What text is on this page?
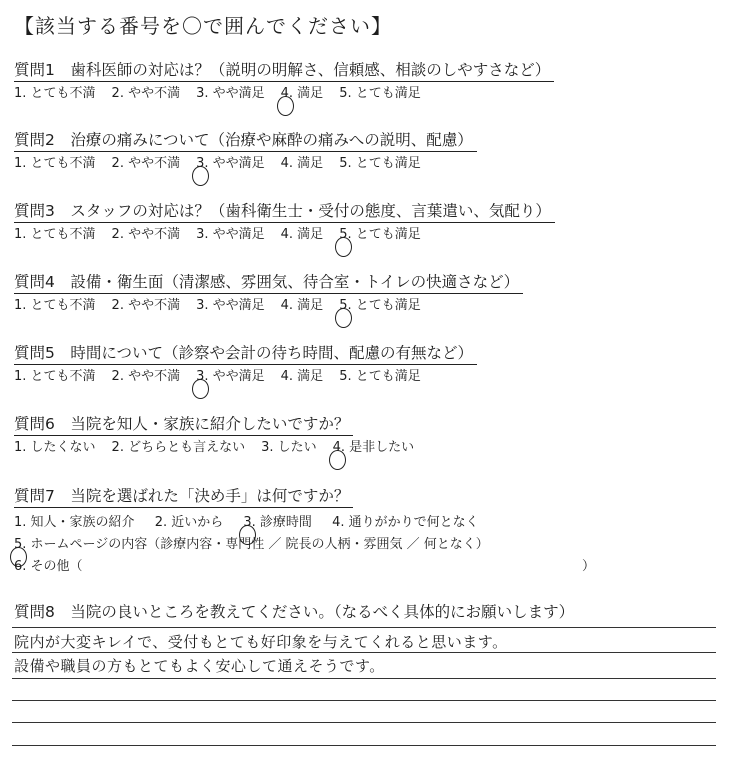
【該当する番号を〇で囲んでください】
質問1　歯科医師の対応は？（説明の明解さ、信頼感、相談のしやすさなど）
1. とても不満 2. やや不満 3. やや満足 4. 満足 5. とても満足
質問2　治療の痛みについて（治療や麻酔の痛みへの説明、配慮）
1. とても不満 2. やや不満 3. やや満足 4. 満足 5. とても満足
質問3　スタッフの対応は？（歯科衛生士・受付の態度、言葉遣い、気配り）
1. とても不満 2. やや不満 3. やや満足 4. 満足 5. とても満足
質問4　設備・衛生面（清潔感、雰囲気、待合室・トイレの快適さなど）
1. とても不満 2. やや不満 3. やや満足 4. 満足 5. とても満足
質問5　時間について（診察や会計の待ち時間、配慮の有無など）
1. とても不満 2. やや不満 3. やや満足 4. 満足 5. とても満足
質問6　当院を知人・家族に紹介したいですか？
1. したくない 2. どちらとも言えない 3. したい 4. 是非したい
質問7　当院を選ばれた「決め手」は何ですか？
1. 知人・家族の紹介 2. 近いから 3. 診療時間 4. 通りがかりで何となく
5. ホームページの内容（診療内容・専門性 ／ 院長の人柄・雰囲気 ／ 何となく）
6. その他（	）
質問8　当院の良いところを教えてください。（なるべく具体的にお願いします）
院内が大変キレイで、受付もとても好印象を与えてくれると思います。
設備や職員の方もとてもよく安心して通えそうです。
